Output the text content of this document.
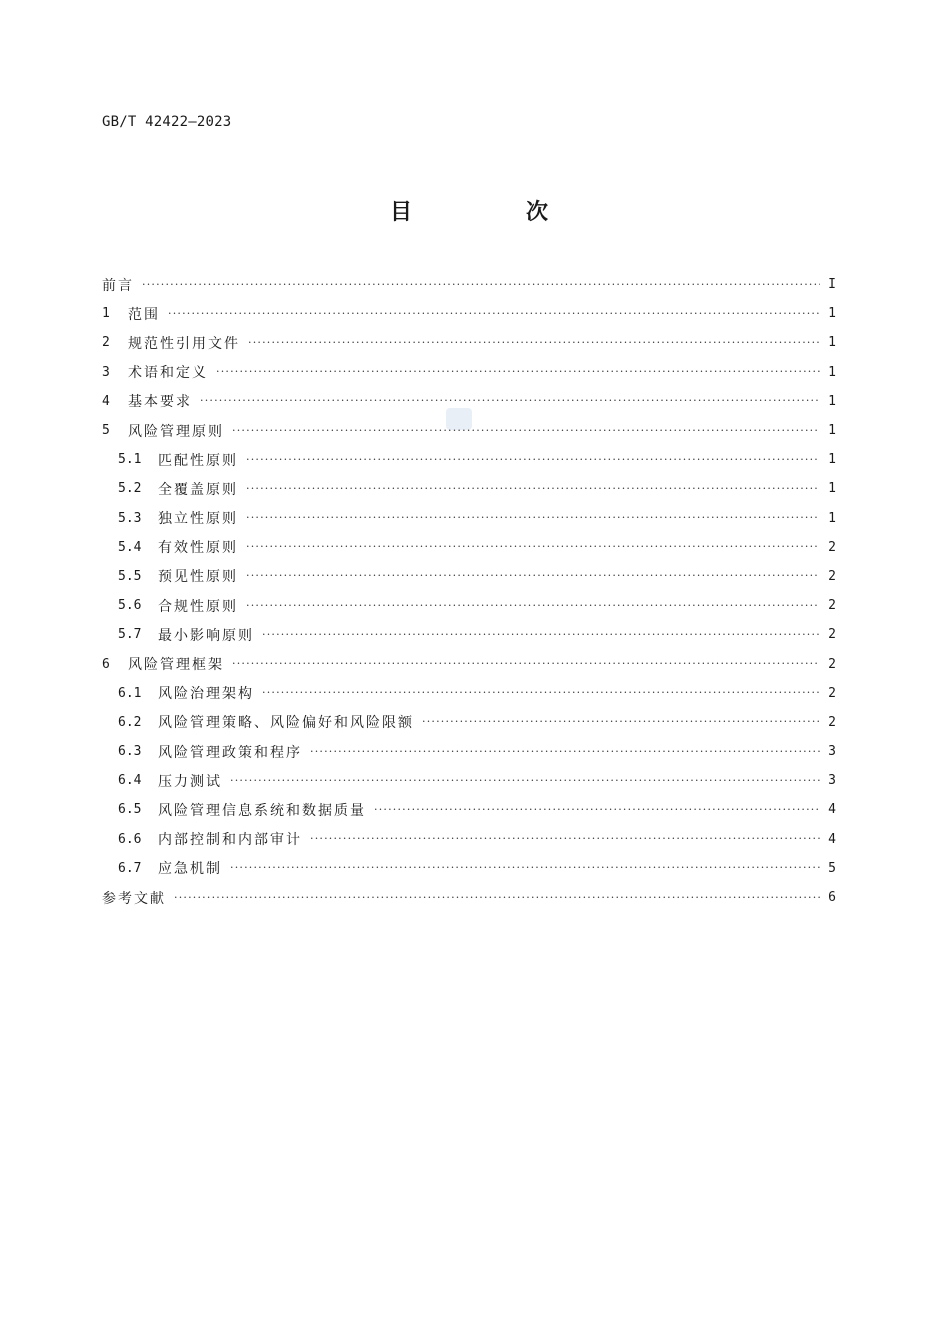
GB/T 42422—2023
目　次
前言 ·····	I
1	范围 ·····	1
2	规范性引用文件 ·····	1
3	术语和定义 ·····	1
4	基本要求 ·····	1
5	风险管理原则 ·····	1
5.1	匹配性原则 ·····	1
5.2	全覆盖原则 ·····	1
5.3	独立性原则 ·····	1
5.4	有效性原则 ·····	2
5.5	预见性原则 ·····	2
5.6	合规性原则 ·····	2
5.7	最小影响原则 ·····	2
6	风险管理框架 ·····	2
6.1	风险治理架构 ·····	2
6.2	风险管理策略、风险偏好和风险限额 ·····	2
6.3	风险管理政策和程序 ·····	3
6.4	压力测试 ·····	3
6.5	风险管理信息系统和数据质量 ·····	4
6.6	内部控制和内部审计 ·····	4
6.7	应急机制 ·····	5
参考文献 ·····	6
